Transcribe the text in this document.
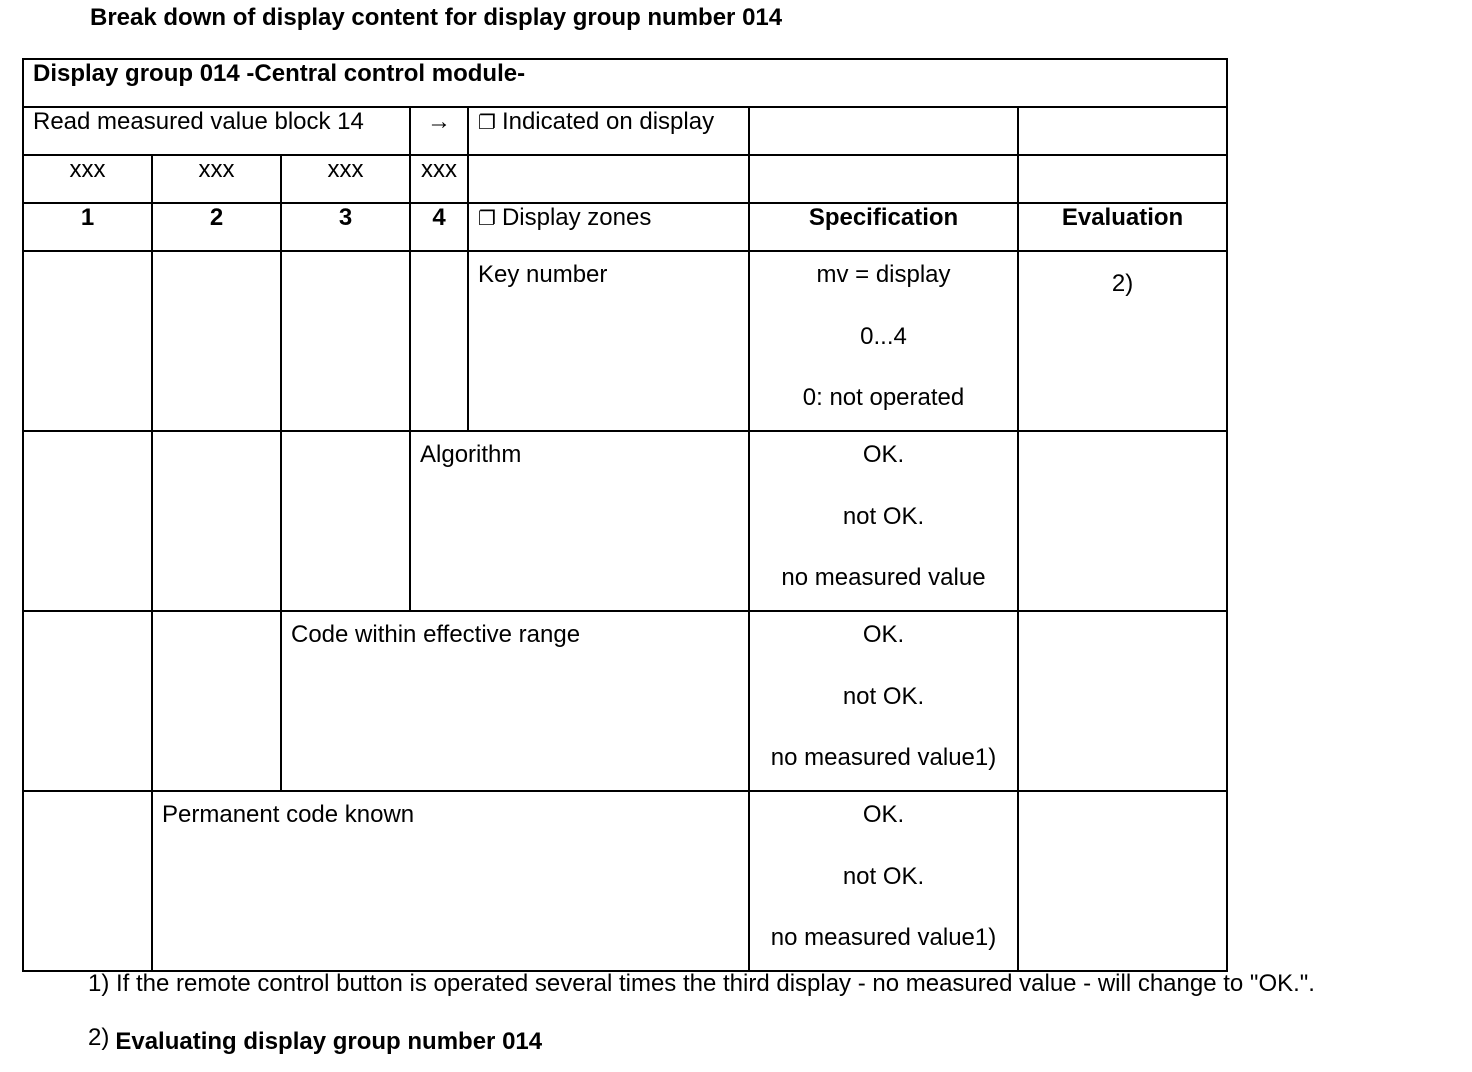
Break down of display content for display group number 014
Display group 014 -Central control module-						
Read measured value block 14			→	❐ Indicated on display		
xxx	xxx	xxx	xxx			
1	2	3	4	❐ Display zones	Specification	Evaluation
				Key number	mv = display
0...4
0: not operated	2)

			Algorithm		OK.
not OK.
no measured value	

		Code within effective range			OK.
not OK.
no measured value1)	

	Permanent code known				OK.
not OK.
no measured value1)	

1) If the remote control button is operated several times the third display - no measured value - will change to "OK.".
2) Evaluating display group number 014
